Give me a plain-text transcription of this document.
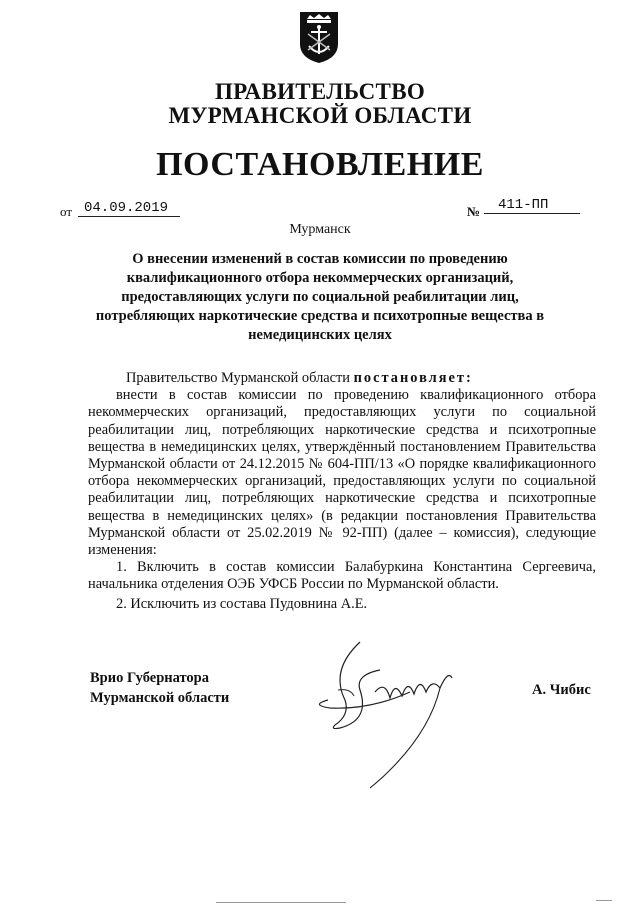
ПРАВИТЕЛЬСТВО
МУРМАНСКОЙ ОБЛАСТИ
ПОСТАНОВЛЕНИЕ
от 04.09.2019	№	411-ПП
Мурманск
О внесении изменений в состав комиссии по проведению квалификационного отбора некоммерческих организаций, предоставляющих услуги по социальной реабилитации лиц, потребляющих наркотические средства и психотропные вещества в немедицинских целях

Правительство Мурманской области постановляет:

внести в состав комиссии по проведению квалификационного отбора некоммерческих организаций, предоставляющих услуги по социальной реабилитации лиц, потребляющих наркотические средства и психотропные вещества в немедицинских целях, утверждённый постановлением Правительства Мурманской области от 24.12.2015 № 604-ПП/13 «О порядке квалификационного отбора некоммерческих организаций, предоставляющих услуги по социальной реабилитации лиц, потребляющих наркотические средства и психотропные вещества в немедицинских целях» (в редакции постановления Правительства Мурманской области от 25.02.2019 № 92-ПП) (далее – комиссия), следующие изменения:

1. Включить в состав комиссии Балабуркина Константина Сергеевича, начальника отделения ОЭБ УФСБ России по Мурманской области.

2. Исключить из состава Пудовнина А.Е.

Врио Губернатора
Мурманской области	А. Чибис
